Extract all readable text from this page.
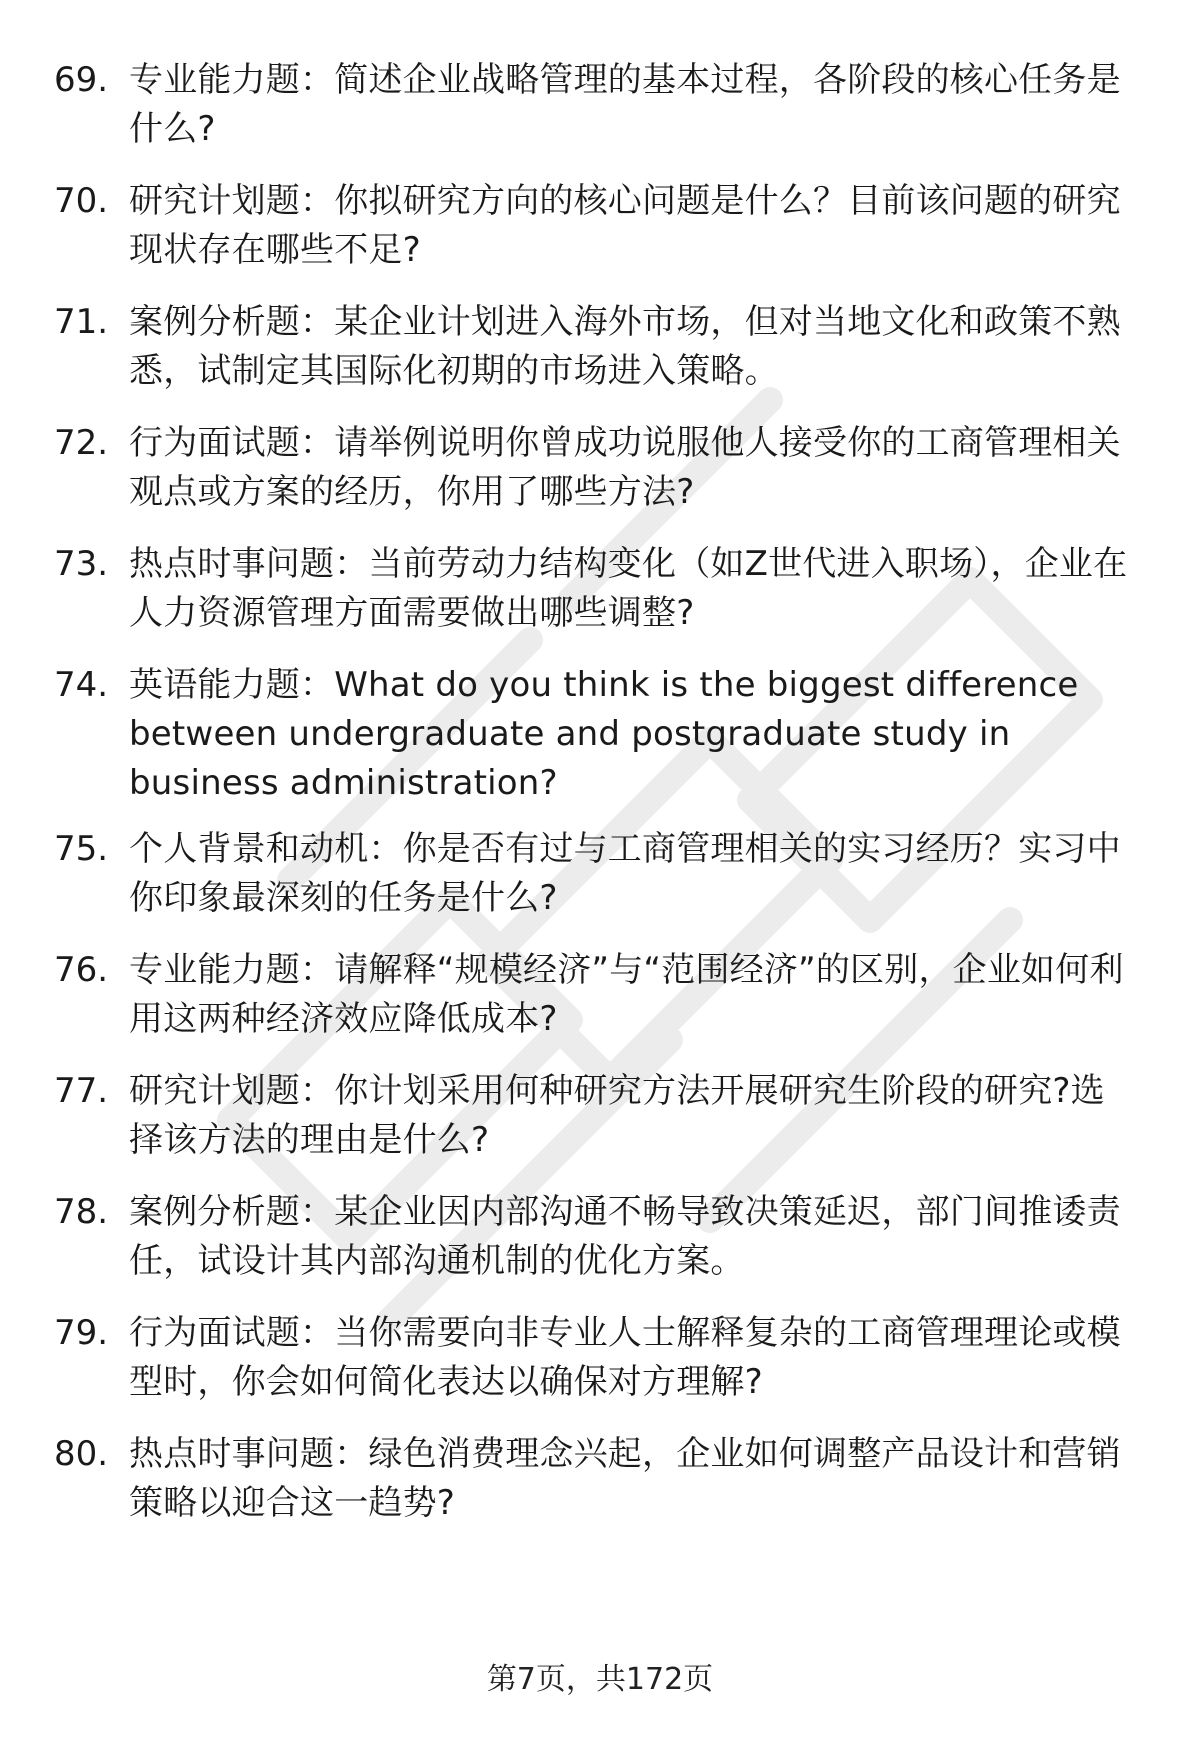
69. 专业能力题：简述企业战略管理的基本过程，各阶段的核心任务是什么?
70. 研究计划题：你拟研究方向的核心问题是什么？目前该问题的研究现状存在哪些不足?
71. 案例分析题：某企业计划进入海外市场，但对当地文化和政策不熟悉，试制定其国际化初期的市场进入策略。
72. 行为面试题：请举例说明你曾成功说服他人接受你的工商管理相关观点或方案的经历，你用了哪些方法?
73. 热点时事问题：当前劳动力结构变化（如Z世代进入职场），企业在人力资源管理方面需要做出哪些调整?
74. 英语能力题：What do you think is the biggest difference between undergraduate and postgraduate study in business administration?
75. 个人背景和动机：你是否有过与工商管理相关的实习经历？实习中你印象最深刻的任务是什么?
76. 专业能力题：请解释“规模经济”与“范围经济”的区别，企业如何利用这两种经济效应降低成本?
77. 研究计划题：你计划采用何种研究方法开展研究生阶段的研究?选择该方法的理由是什么?
78. 案例分析题：某企业因内部沟通不畅导致决策延迟，部门间推诿责任，试设计其内部沟通机制的优化方案。
79. 行为面试题：当你需要向非专业人士解释复杂的工商管理理论或模型时，你会如何简化表达以确保对方理解?
80. 热点时事问题：绿色消费理念兴起，企业如何调整产品设计和营销策略以迎合这一趋势?
第7页，共172页
